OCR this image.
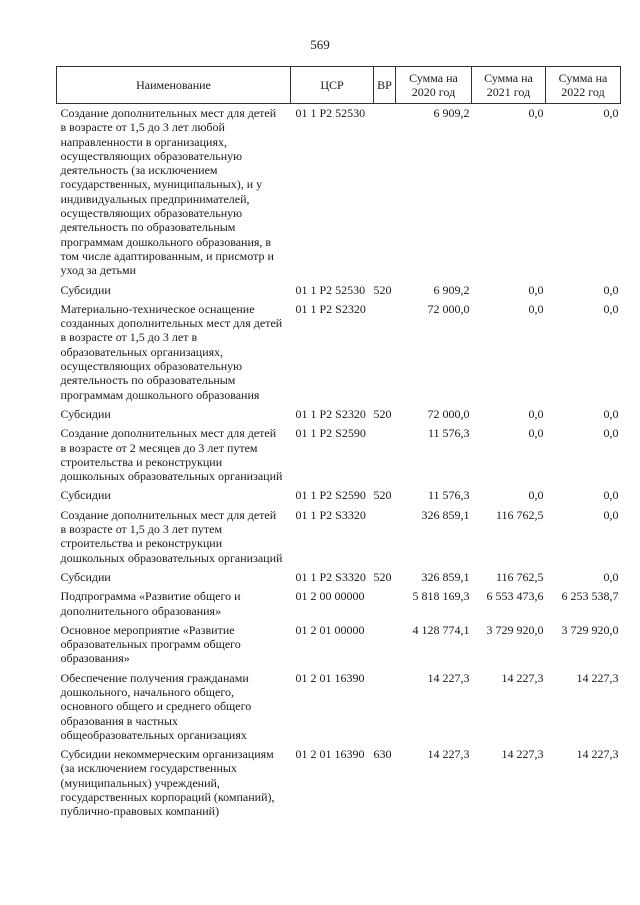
569
Наименование	ЦСР	ВР	Сумма на 2020 год	Сумма на 2021 год	Сумма на 2022 год
Создание дополнительных мест для детей в возрасте от 1,5 до 3 лет любой направленности в организациях, осуществляющих образовательную деятельность (за исключением государственных, муниципальных), и у индивидуальных предпринимателей, осуществляющих образовательную деятельность по образовательным программам дошкольного образования, в том числе адаптированным, и присмотр и уход за детьми	01 1 P2 52530		6 909,2	0,0	0,0
Субсидии	01 1 P2 52530	520	6 909,2	0,0	0,0
Материально-техническое оснащение созданных дополнительных мест для детей в возрасте от 1,5 до 3 лет в образовательных организациях, осуществляющих образовательную деятельность по образовательным программам дошкольного образования	01 1 P2 S2320		72 000,0	0,0	0,0
Субсидии	01 1 P2 S2320	520	72 000,0	0,0	0,0
Создание дополнительных мест для детей в возрасте от 2 месяцев до 3 лет путем строительства и реконструкции дошкольных образовательных организаций	01 1 P2 S2590		11 576,3	0,0	0,0
Субсидии	01 1 P2 S2590	520	11 576,3	0,0	0,0
Создание дополнительных мест для детей в возрасте от 1,5 до 3 лет путем строительства и реконструкции дошкольных образовательных организаций	01 1 P2 S3320		326 859,1	116 762,5	0,0
Субсидии	01 1 P2 S3320	520	326 859,1	116 762,5	0,0
Подпрограмма «Развитие общего и дополнительного образования»	01 2 00 00000		5 818 169,3	6 553 473,6	6 253 538,7
Основное мероприятие «Развитие образовательных программ общего образования»	01 2 01 00000		4 128 774,1	3 729 920,0	3 729 920,0
Обеспечение получения гражданами дошкольного, начального общего, основного общего и среднего общего образования в частных общеобразовательных организациях	01 2 01 16390		14 227,3	14 227,3	14 227,3
Субсидии некоммерческим организациям (за исключением государственных (муниципальных) учреждений, государственных корпораций (компаний), публично-правовых компаний)	01 2 01 16390	630	14 227,3	14 227,3	14 227,3
